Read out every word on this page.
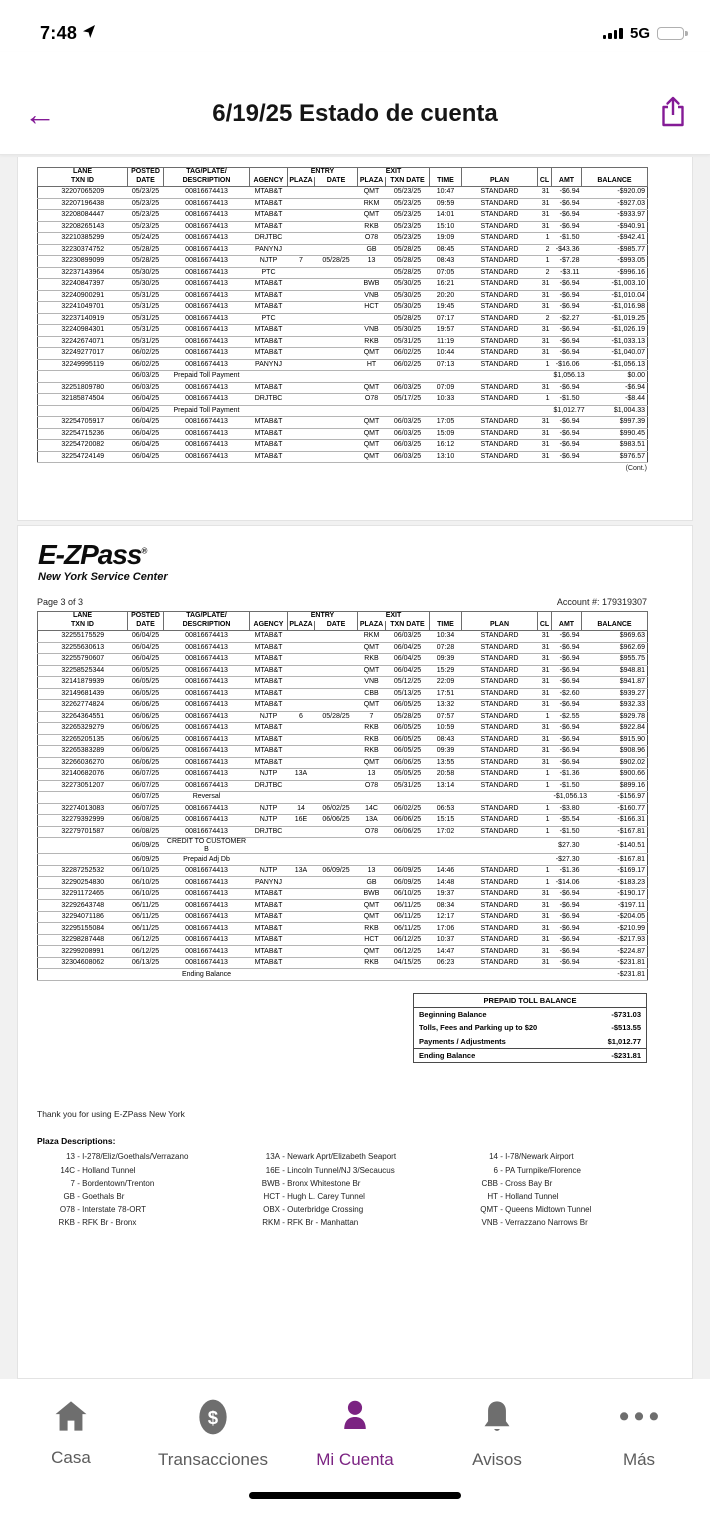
7:48	5G
←	6/19/25 Estado de cuenta
LANE	POSTED	TAG/PLATE/		ENTRY		EXIT						
TXN ID	DATE	DESCRIPTION	AGENCY	PLAZA	DATE	PLAZA	TXN DATE	TIME	PLAN	CL	AMT	BALANCE
32207065209	05/23/25	00816674413	MTAB&T			QMT	05/23/25	10:47	STANDARD	31	-$6.94	-$920.09
32207196438	05/23/25	00816674413	MTAB&T			RKM	05/23/25	09:59	STANDARD	31	-$6.94	-$927.03
32208084447	05/23/25	00816674413	MTAB&T			QMT	05/23/25	14:01	STANDARD	31	-$6.94	-$933.97
32208265143	05/23/25	00816674413	MTAB&T			RKB	05/23/25	15:10	STANDARD	31	-$6.94	-$940.91
32210385299	05/24/25	00816674413	DRJTBC			O78	05/23/25	19:09	STANDARD	1	-$1.50	-$942.41
32230374752	05/28/25	00816674413	PANYNJ			GB	05/28/25	08:45	STANDARD	2	-$43.36	-$985.77
32230899099	05/28/25	00816674413	NJTP	7	05/28/25	13	05/28/25	08:43	STANDARD	1	-$7.28	-$993.05
32237143964	05/30/25	00816674413	PTC				05/28/25	07:05	STANDARD	2	-$3.11	-$996.16
32240847397	05/30/25	00816674413	MTAB&T			BWB	05/30/25	16:21	STANDARD	31	-$6.94	-$1,003.10
32240900291	05/31/25	00816674413	MTAB&T			VNB	05/30/25	20:20	STANDARD	31	-$6.94	-$1,010.04
32241049701	05/31/25	00816674413	MTAB&T			HCT	05/30/25	19:45	STANDARD	31	-$6.94	-$1,016.98
32237140919	05/31/25	00816674413	PTC				05/28/25	07:17	STANDARD	2	-$2.27	-$1,019.25
32240984301	05/31/25	00816674413	MTAB&T			VNB	05/30/25	19:57	STANDARD	31	-$6.94	-$1,026.19
32242674071	05/31/25	00816674413	MTAB&T			RKB	05/31/25	11:19	STANDARD	31	-$6.94	-$1,033.13
32249277017	06/02/25	00816674413	MTAB&T			QMT	06/02/25	10:44	STANDARD	31	-$6.94	-$1,040.07
32249995119	06/02/25	00816674413	PANYNJ			HT	06/02/25	07:13	STANDARD	1	-$16.06	-$1,056.13
	06/03/25	Prepaid Toll Payment									$1,056.13	$0.00
32251809780	06/03/25	00816674413	MTAB&T			QMT	06/03/25	07:09	STANDARD	31	-$6.94	-$6.94
32185874504	06/04/25	00816674413	DRJTBC			O78	05/17/25	10:33	STANDARD	1	-$1.50	-$8.44
	06/04/25	Prepaid Toll Payment									$1,012.77	$1,004.33
32254705917	06/04/25	00816674413	MTAB&T			QMT	06/03/25	17:05	STANDARD	31	-$6.94	$997.39
32254715236	06/04/25	00816674413	MTAB&T			QMT	06/03/25	15:09	STANDARD	31	-$6.94	$990.45
32254720082	06/04/25	00816674413	MTAB&T			QMT	06/03/25	16:12	STANDARD	31	-$6.94	$983.51
32254724149	06/04/25	00816674413	MTAB&T			QMT	06/03/25	13:10	STANDARD	31	-$6.94	$976.57
(Cont.)
E-ZPass®
New York Service Center
Page 3 of 3	Account #: 179319307
LANE	POSTED	TAG/PLATE/		ENTRY		EXIT						
TXN ID	DATE	DESCRIPTION	AGENCY	PLAZA	DATE	PLAZA	TXN DATE	TIME	PLAN	CL	AMT	BALANCE
32255175529	06/04/25	00816674413	MTAB&T			RKM	06/03/25	10:34	STANDARD	31	-$6.94	$969.63
32255630613	06/04/25	00816674413	MTAB&T			QMT	06/04/25	07:28	STANDARD	31	-$6.94	$962.69
32255790607	06/04/25	00816674413	MTAB&T			RKB	06/04/25	09:39	STANDARD	31	-$6.94	$955.75
32258525344	06/05/25	00816674413	MTAB&T			QMT	06/04/25	15:29	STANDARD	31	-$6.94	$948.81
32141879939	06/05/25	00816674413	MTAB&T			VNB	05/12/25	22:09	STANDARD	31	-$6.94	$941.87
32149681439	06/05/25	00816674413	MTAB&T			CBB	05/13/25	17:51	STANDARD	31	-$2.60	$939.27
32262774824	06/06/25	00816674413	MTAB&T			QMT	06/05/25	13:32	STANDARD	31	-$6.94	$932.33
32264364551	06/06/25	00816674413	NJTP	6	05/28/25	7	05/28/25	07:57	STANDARD	1	-$2.55	$929.78
32265329279	06/06/25	00816674413	MTAB&T			RKB	06/05/25	10:59	STANDARD	31	-$6.94	$922.84
32265205135	06/06/25	00816674413	MTAB&T			RKB	06/05/25	08:43	STANDARD	31	-$6.94	$915.90
32265383289	06/06/25	00816674413	MTAB&T			RKB	06/05/25	09:39	STANDARD	31	-$6.94	$908.96
32266036270	06/06/25	00816674413	MTAB&T			QMT	06/06/25	13:55	STANDARD	31	-$6.94	$902.02
32140682076	06/07/25	00816674413	NJTP	13A		13	05/05/25	20:58	STANDARD	1	-$1.36	$900.66
32273051207	06/07/25	00816674413	DRJTBC			O78	05/31/25	13:14	STANDARD	1	-$1.50	$899.16
	06/07/25	Reversal									-$1,056.13	-$156.97
32274013083	06/07/25	00816674413	NJTP	14	06/02/25	14C	06/02/25	06:53	STANDARD	1	-$3.80	-$160.77
32279392999	06/08/25	00816674413	NJTP	16E	06/06/25	13A	06/06/25	15:15	STANDARD	1	-$5.54	-$166.31
32279701587	06/08/25	00816674413	DRJTBC			O78	06/06/25	17:02	STANDARD	1	-$1.50	-$167.81
	06/09/25	CREDIT TO CUSTOMER B									$27.30	-$140.51
	06/09/25	Prepaid Adj Db									-$27.30	-$167.81
32287252532	06/10/25	00816674413	NJTP	13A	06/09/25	13	06/09/25	14:46	STANDARD	1	-$1.36	-$169.17
32290254830	06/10/25	00816674413	PANYNJ			GB	06/09/25	14:48	STANDARD	1	-$14.06	-$183.23
32291172465	06/10/25	00816674413	MTAB&T			BWB	06/10/25	19:37	STANDARD	31	-$6.94	-$190.17
32292643748	06/11/25	00816674413	MTAB&T			QMT	06/11/25	08:34	STANDARD	31	-$6.94	-$197.11
32294071186	06/11/25	00816674413	MTAB&T			QMT	06/11/25	12:17	STANDARD	31	-$6.94	-$204.05
32295155084	06/11/25	00816674413	MTAB&T			RKB	06/11/25	17:06	STANDARD	31	-$6.94	-$210.99
32298287448	06/12/25	00816674413	MTAB&T			HCT	06/12/25	10:37	STANDARD	31	-$6.94	-$217.93
32299208991	06/12/25	00816674413	MTAB&T			QMT	06/12/25	14:47	STANDARD	31	-$6.94	-$224.87
32304608062	06/13/25	00816674413	MTAB&T			RKB	04/15/25	06:23	STANDARD	31	-$6.94	-$231.81
		Ending Balance										-$231.81
PREPAID TOLL BALANCE
Beginning Balance	-$731.03
Tolls, Fees and Parking up to $20	-$513.55
Payments / Adjustments	$1,012.77
Ending Balance	-$231.81
Thank you for using E-ZPass New York
Plaza Descriptions:
13 - I-278/Eliz/Goethals/Verrazano
14C - Holland Tunnel
7 - Bordentown/Trenton
GB - Goethals Br
O78 - Interstate 78-ORT
RKB - RFK Br - Bronx
13A - Newark Aprt/Elizabeth Seaport
16E - Lincoln Tunnel/NJ 3/Secaucus
BWB - Bronx Whitestone Br
HCT - Hugh L. Carey Tunnel
OBX - Outerbridge Crossing
RKM - RFK Br - Manhattan
14 - I-78/Newark Airport
6 - PA Turnpike/Florence
CBB - Cross Bay Br
HT - Holland Tunnel
QMT - Queens Midtown Tunnel
VNB - Verrazzano Narrows Br
Casa
$
Transacciones	Mi Cuenta	Avisos	Más
